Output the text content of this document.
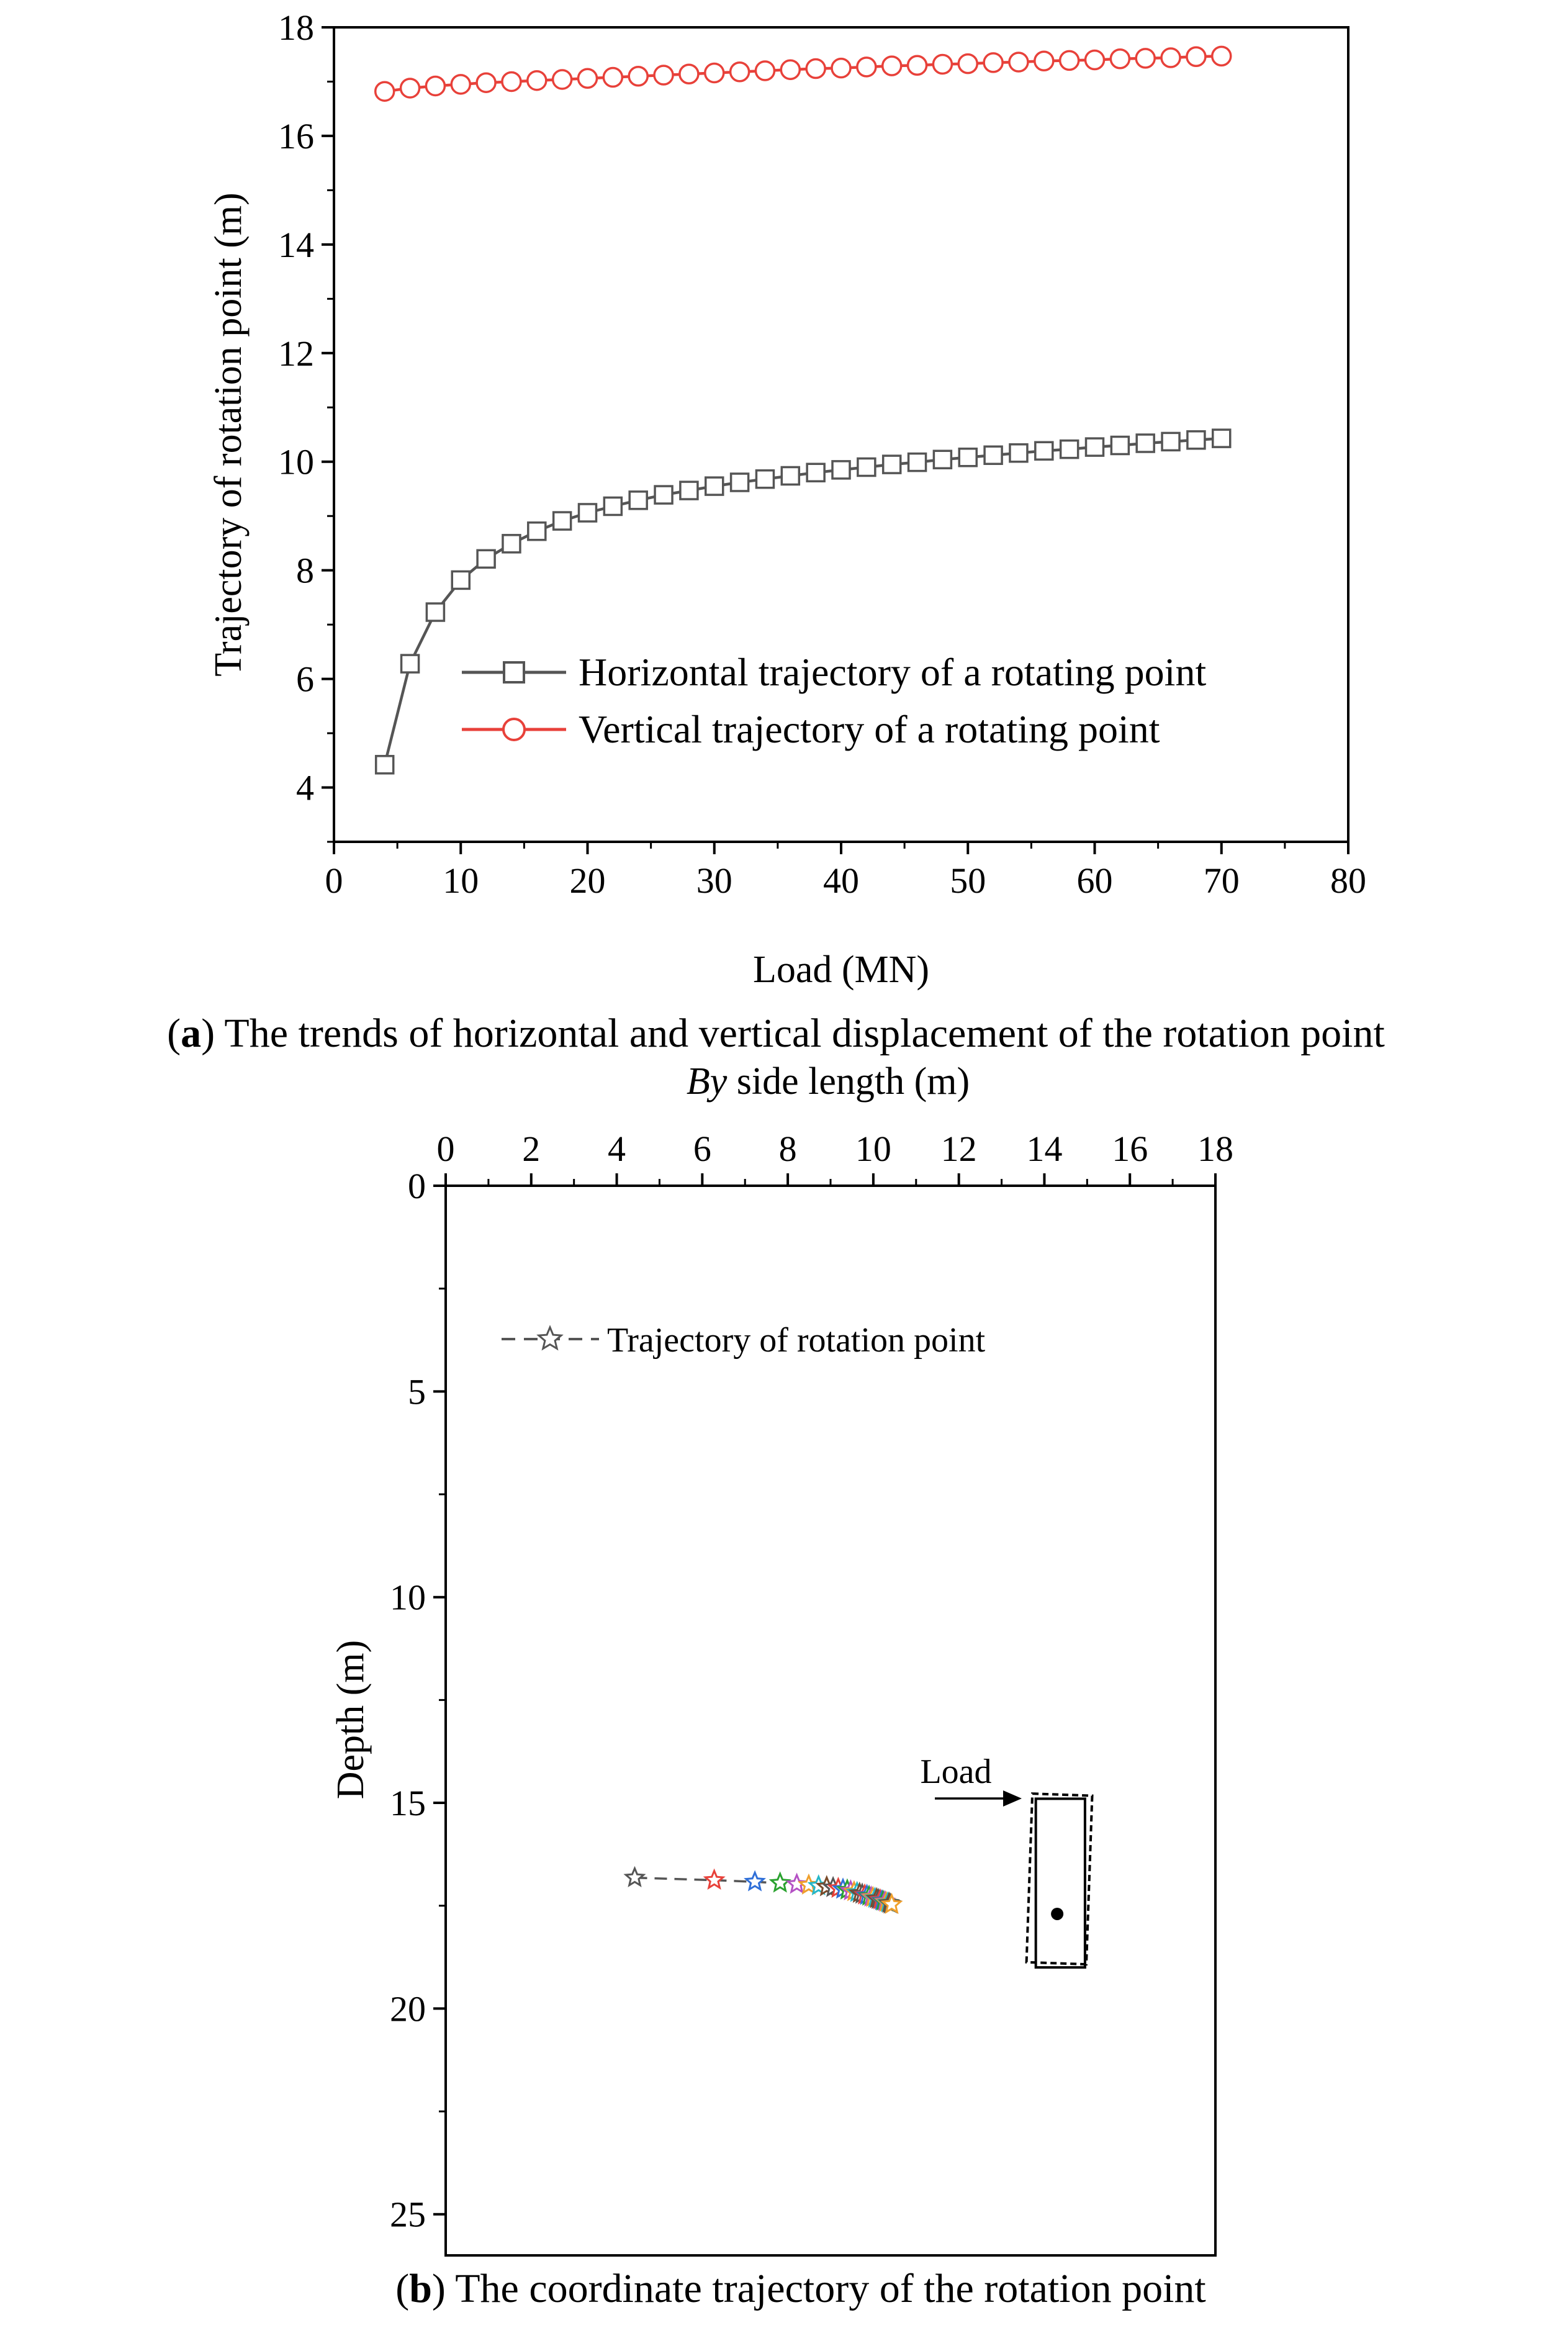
0	10	20	30	40	50	60	70	80
4
6
8
10
12
14
16
18
Load (MN)
Trajectory of rotation point (m)	Horizontal trajectory of a rotating point
Vertical trajectory of a rotating point
(a) The trends of horizontal and vertical displacement of the rotation point
By side length (m)
0 2 4 6 8 10 12 14 16 18
0
5
10
15
20
25
Depth (m)
Trajectory of rotation point
Load
(b) The coordinate trajectory of the rotation point
